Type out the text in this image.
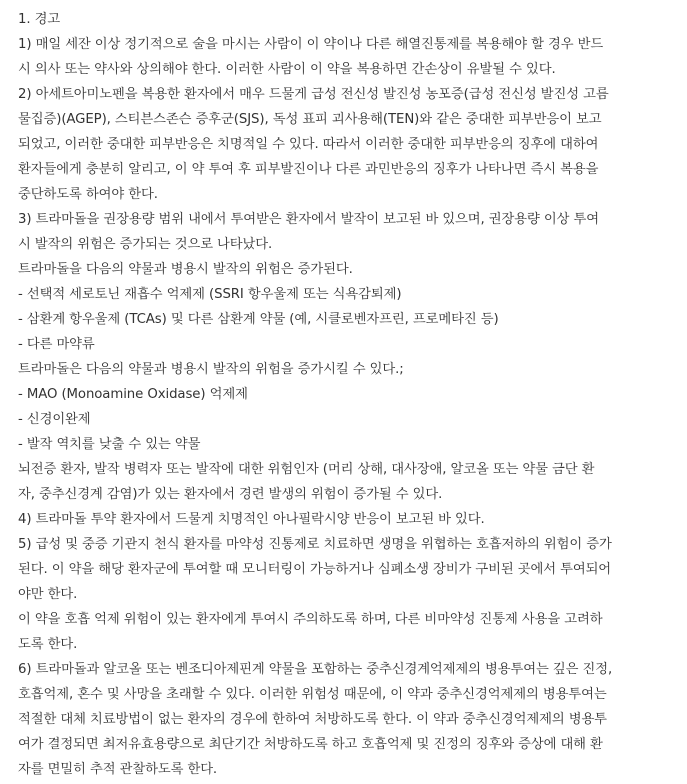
1. 경고
1) 매일 세잔 이상 정기적으로 술을 마시는 사람이 이 약이나 다른 해열진통제를 복용해야 할 경우 반드
시 의사 또는 약사와 상의해야 한다. 이러한 사람이 이 약을 복용하면 간손상이 유발될 수 있다.
2) 아세트아미노펜을 복용한 환자에서 매우 드물게 급성 전신성 발진성 농포증(급성 전신성 발진성 고름
물집증)(AGEP), 스티븐스존슨 증후군(SJS), 독성 표피 괴사용해(TEN)와 같은 중대한 피부반응이 보고
되었고, 이러한 중대한 피부반응은 치명적일 수 있다. 따라서 이러한 중대한 피부반응의 징후에 대하여
환자들에게 충분히 알리고, 이 약 투여 후 피부발진이나 다른 과민반응의 징후가 나타나면 즉시 복용을
중단하도록 하여야 한다.
3) 트라마돌을 권장용량 범위 내에서 투여받은 환자에서 발작이 보고된 바 있으며, 권장용량 이상 투여
시 발작의 위험은 증가되는 것으로 나타났다.
트라마돌을 다음의 약물과 병용시 발작의 위험은 증가된다.
- 선택적 세로토닌 재흡수 억제제 (SSRI 항우울제 또는 식욕감퇴제)
- 삼환계 항우울제 (TCAs) 및 다른 삼환계 약물 (예, 시클로벤자프린, 프로메타진 등)
- 다른 마약류
트라마돌은 다음의 약물과 병용시 발작의 위험을 증가시킬 수 있다.;
- MAO (Monoamine Oxidase) 억제제
- 신경이완제
- 발작 역치를 낮출 수 있는 약물
뇌전증 환자, 발작 병력자 또는 발작에 대한 위험인자 (머리 상해, 대사장애, 알코올 또는 약물 금단 환
자, 중추신경계 감염)가 있는 환자에서 경련 발생의 위험이 증가될 수 있다.
4) 트라마돌 투약 환자에서 드물게 치명적인 아나필락시양 반응이 보고된 바 있다.
5) 급성 및 중증 기관지 천식 환자를 마약성 진통제로 치료하면 생명을 위협하는 호흡저하의 위험이 증가
된다. 이 약을 해당 환자군에 투여할 때 모니터링이 가능하거나 심폐소생 장비가 구비된 곳에서 투여되어
야만 한다.
이 약을 호흡 억제 위험이 있는 환자에게 투여시 주의하도록 하며, 다른 비마약성 진통제 사용을 고려하
도록 한다.
6) 트라마돌과 알코올 또는 벤조디아제핀계 약물을 포함하는 중추신경계억제제의 병용투여는 깊은 진정,
호흡억제, 혼수 및 사망을 초래할 수 있다. 이러한 위험성 때문에, 이 약과 중추신경억제제의 병용투여는
적절한 대체 치료방법이 없는 환자의 경우에 한하여 처방하도록 한다. 이 약과 중추신경억제제의 병용투
여가 결정되면 최저유효용량으로 최단기간 처방하도록 하고 호흡억제 및 진정의 징후와 증상에 대해 환
자를 면밀히 추적 관찰하도록 한다.
